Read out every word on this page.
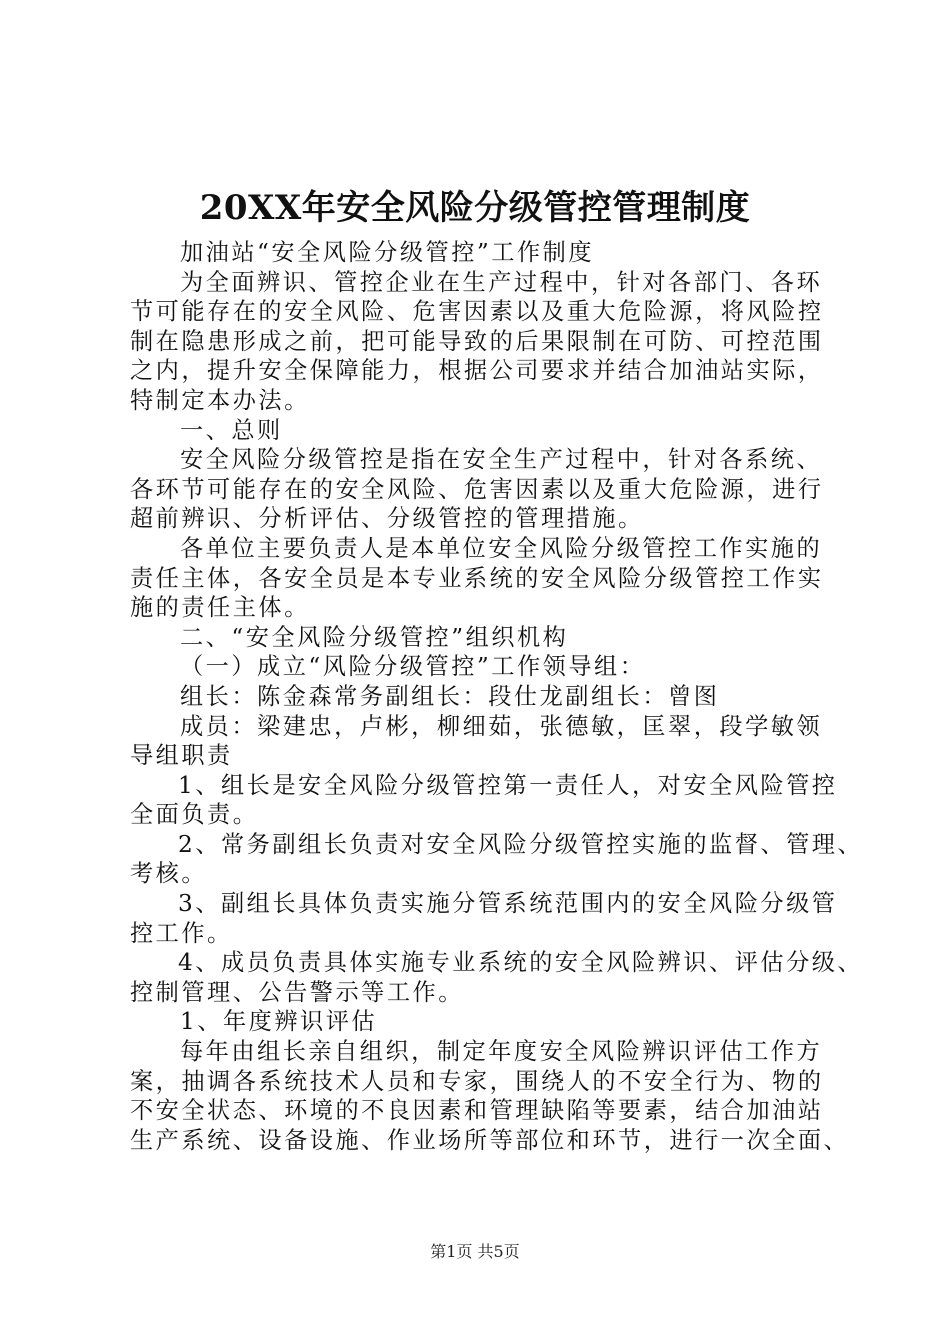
20XX年安全风险分级管控管理制度
加油站“安全风险分级管控”工作制度
为全面辨识、管控企业在生产过程中，针对各部门、各环
节可能存在的安全风险、危害因素以及重大危险源，将风险控
制在隐患形成之前，把可能导致的后果限制在可防、可控范围
之内，提升安全保障能力，根据公司要求并结合加油站实际，
特制定本办法。
一、总则
安全风险分级管控是指在安全生产过程中，针对各系统、
各环节可能存在的安全风险、危害因素以及重大危险源，进行
超前辨识、分析评估、分级管控的管理措施。
各单位主要负责人是本单位安全风险分级管控工作实施的
责任主体，各安全员是本专业系统的安全风险分级管控工作实
施的责任主体。
二、“安全风险分级管控”组织机构
（一）成立“风险分级管控”工作领导组：
组长：陈金森常务副组长：段仕龙副组长：曾图
成员：梁建忠，卢彬，柳细茹，张德敏，匡翠，段学敏领
导组职责
1、组长是安全风险分级管控第一责任人，对安全风险管控
全面负责。
2、常务副组长负责对安全风险分级管控实施的监督、管理、
考核。
3、副组长具体负责实施分管系统范围内的安全风险分级管
控工作。
4、成员负责具体实施专业系统的安全风险辨识、评估分级、
控制管理、公告警示等工作。
1、年度辨识评估
每年由组长亲自组织，制定年度安全风险辨识评估工作方
案，抽调各系统技术人员和专家，围绕人的不安全行为、物的
不安全状态、环境的不良因素和管理缺陷等要素，结合加油站
生产系统、设备设施、作业场所等部位和环节，进行一次全面、
第1页 共5页
